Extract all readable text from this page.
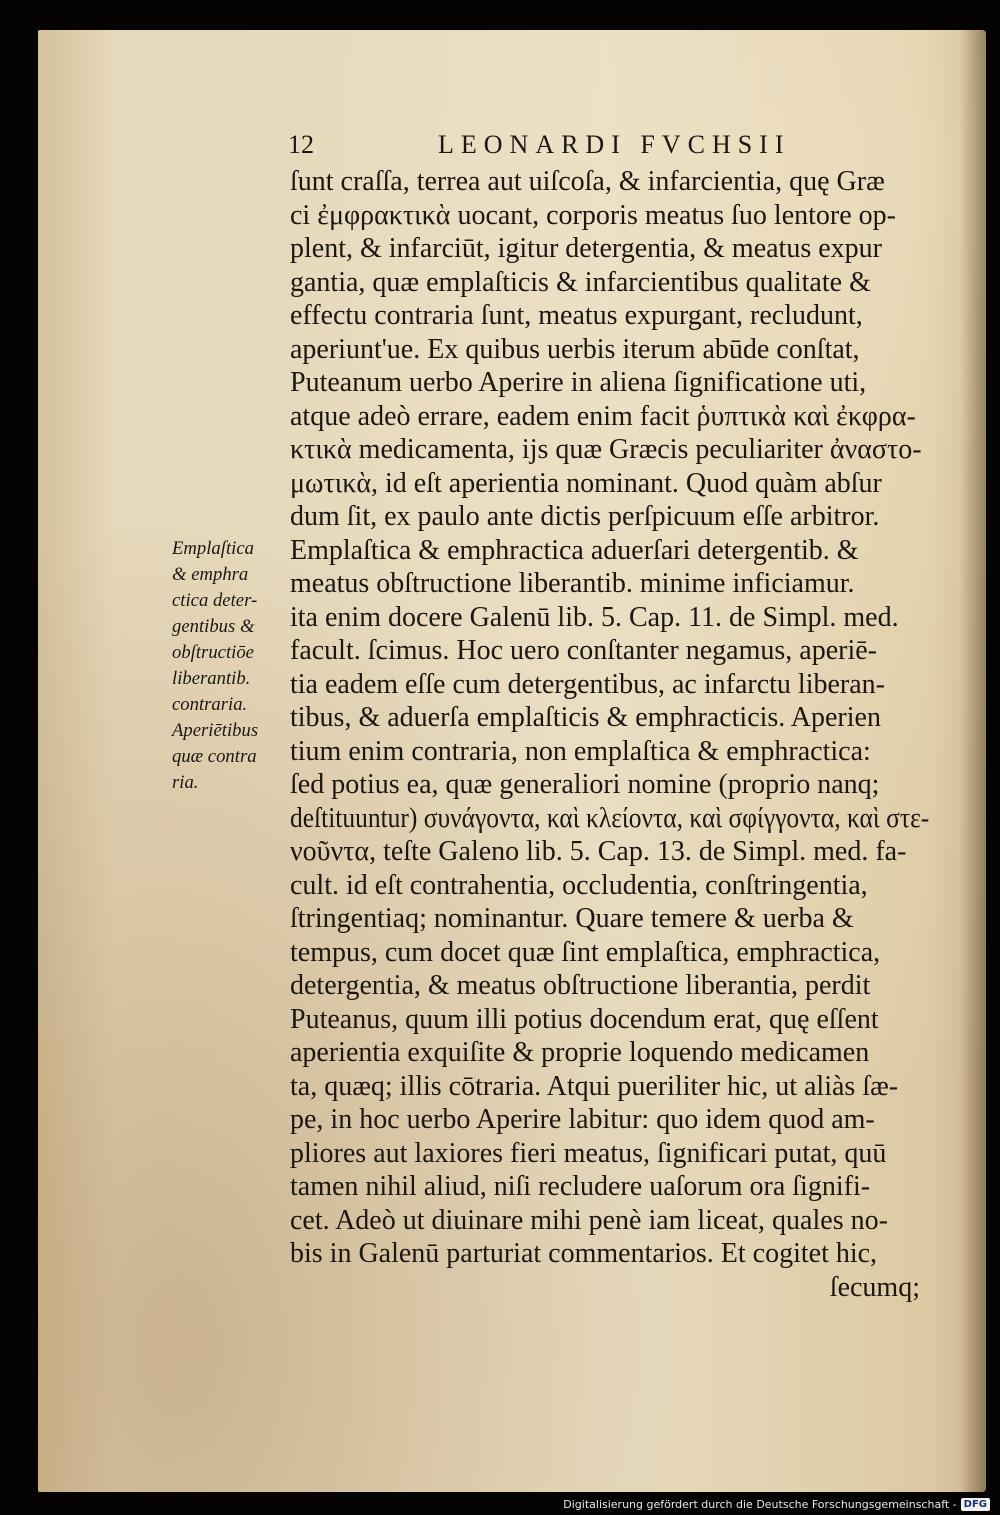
12	LEONARDI FVCHSII
Emplaſtica
& emphra
ctica deter-
gentibus &
obſtructiōe
liberantib.
contraria.
Aperiētibus
quæ contra
ria.
ſunt craſſa, terrea aut uiſcoſa, & infarcientia, quę Græ
ci ἐμφρακτικὰ uocant, corporis meatus ſuo lentore op-
plent, & infarciūt, igitur detergentia, & meatus expur
gantia, quæ emplaſticis & infarcientibus qualitate &
effectu contraria ſunt, meatus expurgant, recludunt,
aperiunt'ue. Ex quibus uerbis iterum abūde conſtat,
Puteanum uerbo Aperire in aliena ſignificatione uti,
atque adeò errare, eadem enim facit ῥυπτικὰ καὶ ἐκφρα-
κτικὰ medicamenta, ijs quæ Græcis peculiariter ἀναστο-
μωτικὰ, id eſt aperientia nominant. Quod quàm abſur
dum ſit, ex paulo ante dictis perſpicuum eſſe arbitror.
Emplaſtica & emphractica aduerſari detergentib. &
meatus obſtructione liberantib. minime inficiamur.
ita enim docere Galenū lib. 5. Cap. 11. de Simpl. med.
facult. ſcimus. Hoc uero conſtanter negamus, aperiē-
tia eadem eſſe cum detergentibus, ac infarctu liberan-
tibus, & aduerſa emplaſticis & emphracticis. Aperien
tium enim contraria, non emplaſtica & emphractica:
ſed potius ea, quæ generaliori nomine (proprio nanq;
deſtituuntur) συνάγοντα, καὶ κλείοντα, καὶ σφίγγοντα, καὶ στε-
νοῦντα, teſte Galeno lib. 5. Cap. 13. de Simpl. med. fa-
cult. id eſt contrahentia, occludentia, conſtringentia,
ſtringentiaq; nominantur. Quare temere & uerba &
tempus, cum docet quæ ſint emplaſtica, emphractica,
detergentia, & meatus obſtructione liberantia, perdit
Puteanus, quum illi potius docendum erat, quę eſſent
aperientia exquiſite & proprie loquendo medicamen
ta, quæq; illis cōtraria. Atqui pueriliter hic, ut aliàs ſæ-
pe, in hoc uerbo Aperire labitur: quo idem quod am-
pliores aut laxiores fieri meatus, ſignificari putat, quū
tamen nihil aliud, niſi recludere uaſorum ora ſignifi-
cet. Adeò ut diuinare mihi penè iam liceat, quales no-
bis in Galenū parturiat commentarios. Et cogitet hic,
ſecumq;
Digitalisierung gefördert durch die Deutsche Forschungsgemeinschaft - DFG
